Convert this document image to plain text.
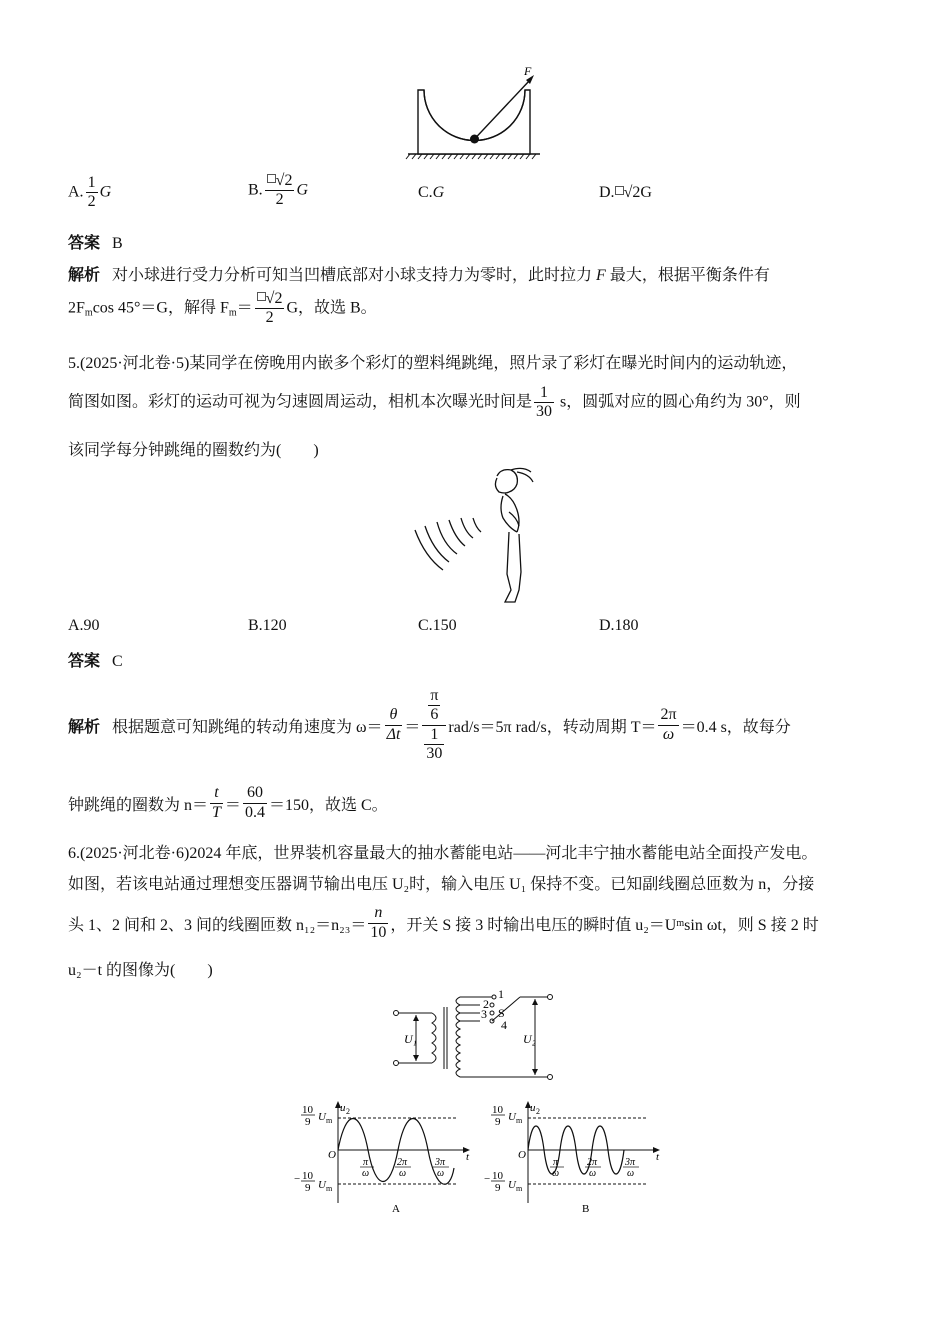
F
A. $\frac{1}{2}$ G	B. $\frac{√2}{2}$ G	C.G	D. √2G
答案 B
解析 对小球进行受力分析可知当凹槽底部对小球支持力为零时，此时拉力 F 最大，根据平衡条件有
$2F_m\cos$ 45°＝G，解得 $F_m= \frac{√2}{2}$ G，故选 B。
5.(2025·河北卷·5)某同学在傍晚用内嵌多个彩灯的塑料绳跳绳，照片录了彩灯在曝光时间内的运动轨迹，
简图如图。彩灯的运动可视为匀速圆周运动，相机本次曝光时间是 $\frac{1}{30}$ s，圆弧对应的圆心角约为 30°，则
该同学每分钟跳绳的圈数约为(　　)
A.90	B.120	C.150	D.180
答案 C
解析
根据题意可知跳绳的转动角速度为 $\omega= \frac{\theta}{\Delta t} = \frac{\frac{\pi}{6}}{\frac{1}{30}} rad/s=5\pi$ rad/s，转动周期 $T= \frac{2\pi}{\omega} =0.4$ s，故每分
钟跳绳的圈数为 $n= \frac{t}{T} = \frac{60}{0.4} =150$，故选 C。
6.(2025·河北卷·6)2024 年底，世界装机容量最大的抽水蓄能电站——河北丰宁抽水蓄能电站全面投产发电。
如图，若该电站通过理想变压器调节输出电压 U₂时，输入电压 U₁ 保持不变。已知副线圈总匝数为 n，分接
头 1、2 间和 2、3 间的线圈匝数 $n_{12}=n_{23}= \frac{n}{10}$ ，开关 S 接 3 时输出电压的瞬时值 u₂＝U m sin ωt，则 S 接 2 时
u₂－t 的图像为(　　)
1
2
3
4
S
U₁	U₂
10
9 U m
− 10
9 U m
u 2
t
O
π
ω
2π
ω
3π
ω
A
10
9 U m
− 10
9 U m
u 2
t
O
π
ω
2π
ω
3π
ω
B
